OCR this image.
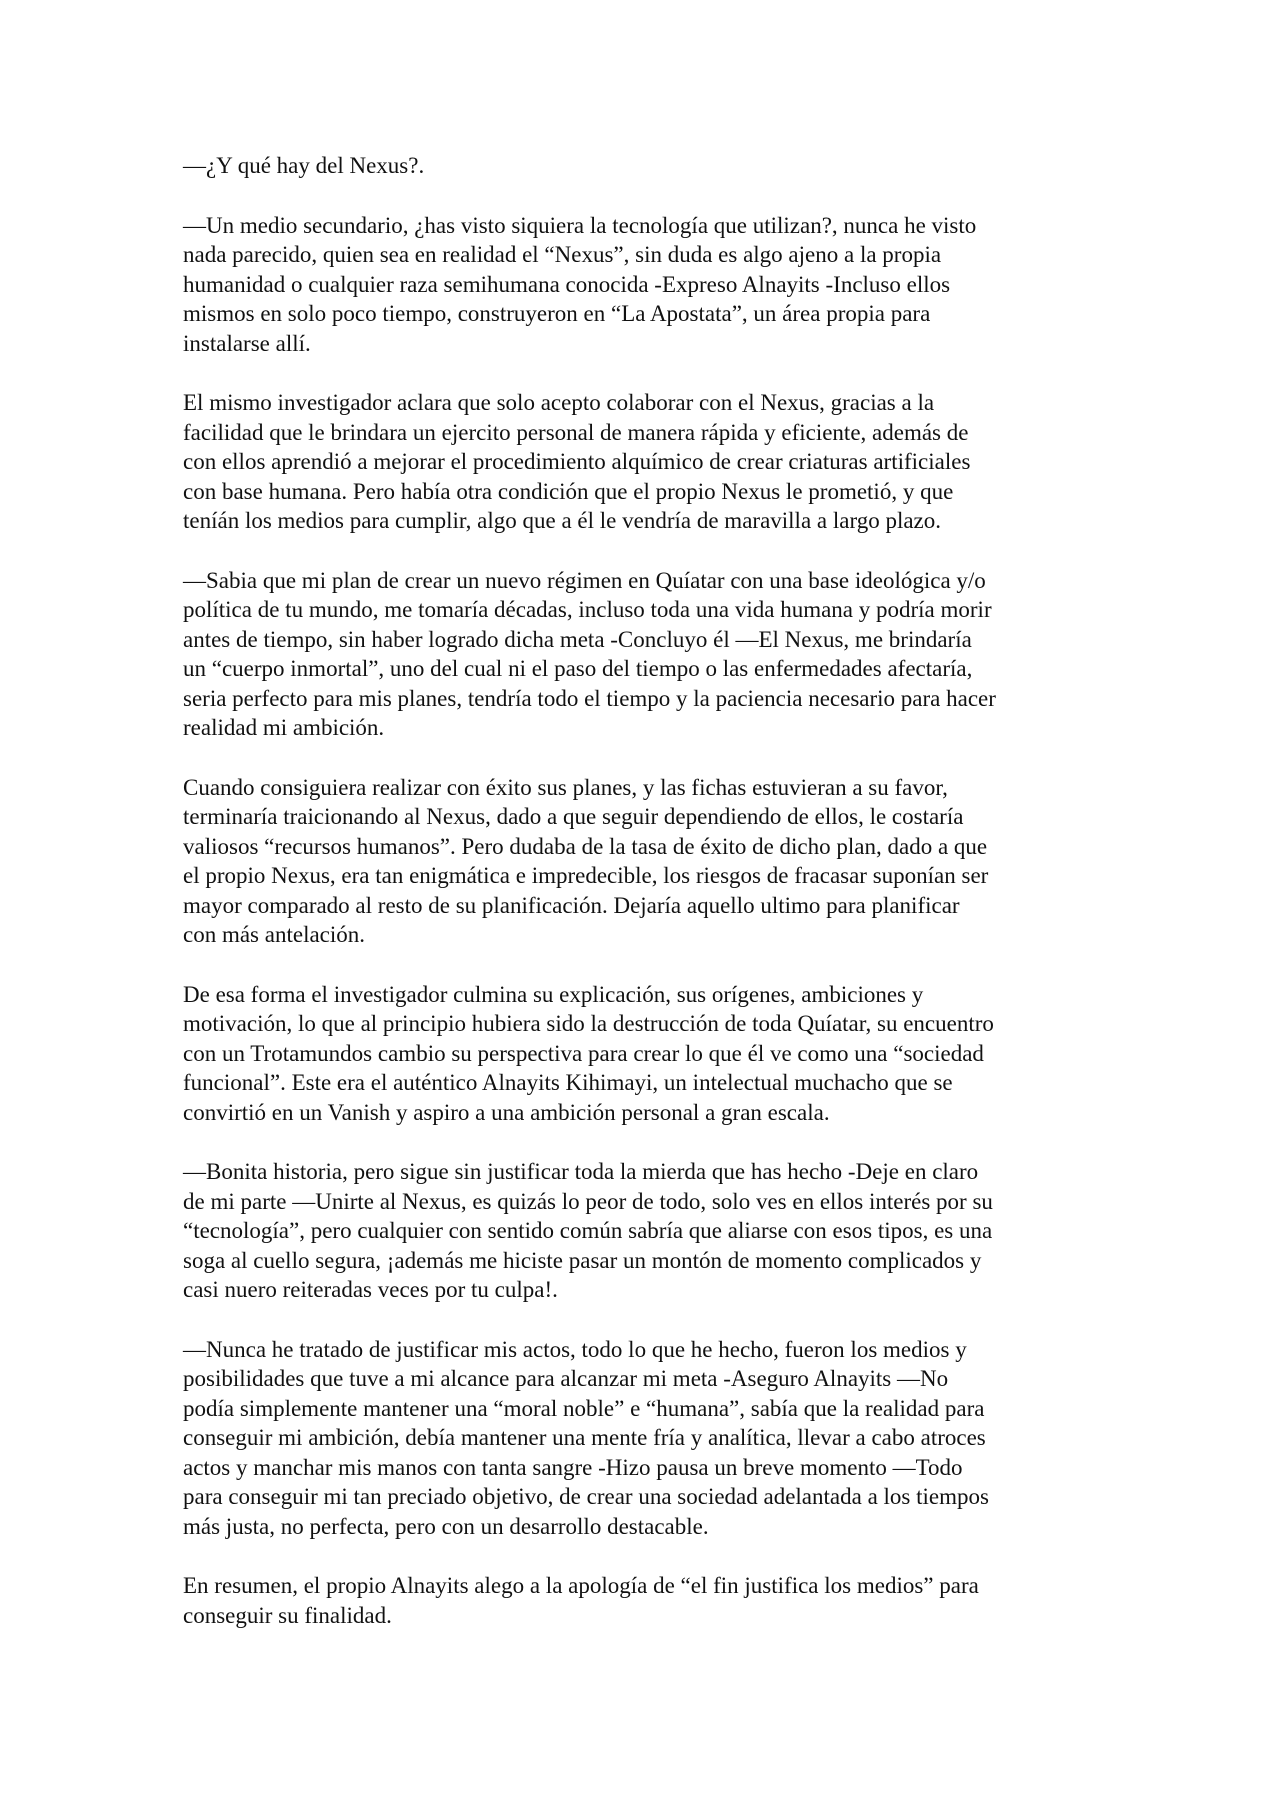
—¿Y qué hay del Nexus?.

—Un medio secundario, ¿has visto siquiera la tecnología que utilizan?, nunca he visto
nada parecido, quien sea en realidad el “Nexus”, sin duda es algo ajeno a la propia
humanidad o cualquier raza semihumana conocida -Expreso Alnayits -Incluso ellos
mismos en solo poco tiempo, construyeron en “La Apostata”, un área propia para
instalarse allí.

El mismo investigador aclara que solo acepto colaborar con el Nexus, gracias a la
facilidad que le brindara un ejercito personal de manera rápida y eficiente, además de
con ellos aprendió a mejorar el procedimiento alquímico de crear criaturas artificiales
con base humana. Pero había otra condición que el propio Nexus le prometió, y que
teníán los medios para cumplir, algo que a él le vendría de maravilla a largo plazo.

—Sabia que mi plan de crear un nuevo régimen en Quíatar con una base ideológica y/o
política de tu mundo, me tomaría décadas, incluso toda una vida humana y podría morir
antes de tiempo, sin haber logrado dicha meta -Concluyo él —El Nexus, me brindaría
un “cuerpo inmortal”, uno del cual ni el paso del tiempo o las enfermedades afectaría,
seria perfecto para mis planes, tendría todo el tiempo y la paciencia necesario para hacer
realidad mi ambición.

Cuando consiguiera realizar con éxito sus planes, y las fichas estuvieran a su favor,
terminaría traicionando al Nexus, dado a que seguir dependiendo de ellos, le costaría
valiosos “recursos humanos”. Pero dudaba de la tasa de éxito de dicho plan, dado a que
el propio Nexus, era tan enigmática e impredecible, los riesgos de fracasar suponían ser
mayor comparado al resto de su planificación. Dejaría aquello ultimo para planificar
con más antelación.

De esa forma el investigador culmina su explicación, sus orígenes, ambiciones y
motivación, lo que al principio hubiera sido la destrucción de toda Quíatar, su encuentro
con un Trotamundos cambio su perspectiva para crear lo que él ve como una “sociedad
funcional”. Este era el auténtico Alnayits Kihimayi, un intelectual muchacho que se
convirtió en un Vanish y aspiro a una ambición personal a gran escala.

—Bonita historia, pero sigue sin justificar toda la mierda que has hecho -Deje en claro
de mi parte —Unirte al Nexus, es quizás lo peor de todo, solo ves en ellos interés por su
“tecnología”, pero cualquier con sentido común sabría que aliarse con esos tipos, es una
soga al cuello segura, ¡además me hiciste pasar un montón de momento complicados y
casi nuero reiteradas veces por tu culpa!.

—Nunca he tratado de justificar mis actos, todo lo que he hecho, fueron los medios y
posibilidades que tuve a mi alcance para alcanzar mi meta -Aseguro Alnayits —No
podía simplemente mantener una “moral noble” e “humana”, sabía que la realidad para
conseguir mi ambición, debía mantener una mente fría y analítica, llevar a cabo atroces
actos y manchar mis manos con tanta sangre -Hizo pausa un breve momento —Todo
para conseguir mi tan preciado objetivo, de crear una sociedad adelantada a los tiempos
más justa, no perfecta, pero con un desarrollo destacable.

En resumen, el propio Alnayits alego a la apología de “el fin justifica los medios” para
conseguir su finalidad.
